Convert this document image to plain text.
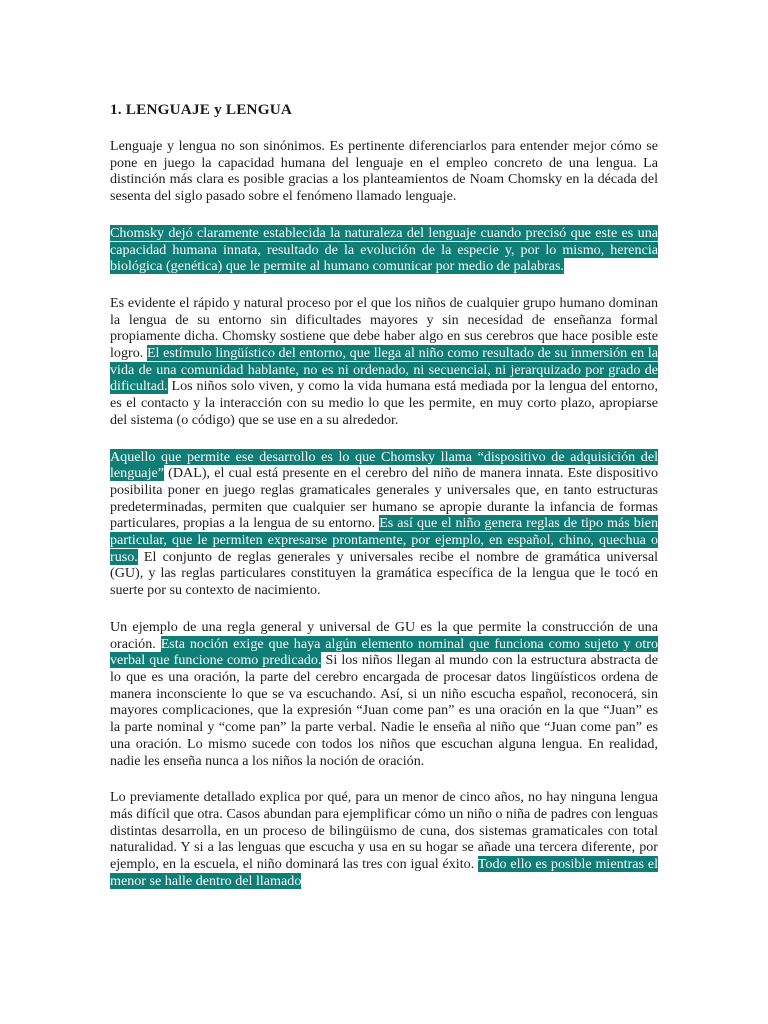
1. LENGUAJE y LENGUA

Lenguaje y lengua no son sinónimos. Es pertinente diferenciarlos para entender mejor cómo se pone en juego la capacidad humana del lenguaje en el empleo concreto de una lengua. La distinción más clara es posible gracias a los planteamientos de Noam Chomsky en la década del sesenta del siglo pasado sobre el fenómeno llamado lenguaje.

Chomsky dejó claramente establecida la naturaleza del lenguaje cuando precisó que este es una capacidad humana innata, resultado de la evolución de la especie y, por lo mismo, herencia biológica (genética) que le permite al humano comunicar por medio de palabras.

Es evidente el rápido y natural proceso por el que los niños de cualquier grupo humano dominan la lengua de su entorno sin dificultades mayores y sin necesidad de enseñanza formal propiamente dicha. Chomsky sostiene que debe haber algo en sus cerebros que hace posible este logro. El estímulo lingüístico del entorno, que llega al niño como resultado de su inmersión en la vida de una comunidad hablante, no es ni ordenado, ni secuencial, ni jerarquizado por grado de dificultad. Los niños solo viven, y como la vida humana está mediada por la lengua del entorno, es el contacto y la interacción con su medio lo que les permite, en muy corto plazo, apropiarse del sistema (o código) que se use en a su alrededor.

Aquello que permite ese desarrollo es lo que Chomsky llama “dispositivo de adquisición del lenguaje” (DAL), el cual está presente en el cerebro del niño de manera innata. Este dispositivo posibilita poner en juego reglas gramaticales generales y universales que, en tanto estructuras predeterminadas, permiten que cualquier ser humano se apropie durante la infancia de formas particulares, propias a la lengua de su entorno. Es así que el niño genera reglas de tipo más bien particular, que le permiten expresarse prontamente, por ejemplo, en español, chino, quechua o ruso. El conjunto de reglas generales y universales recibe el nombre de gramática universal (GU), y las reglas particulares constituyen la gramática específica de la lengua que le tocó en suerte por su contexto de nacimiento.

Un ejemplo de una regla general y universal de GU es la que permite la construcción de una oración. Esta noción exige que haya algún elemento nominal que funciona como sujeto y otro verbal que funcione como predicado. Si los niños llegan al mundo con la estructura abstracta de lo que es una oración, la parte del cerebro encargada de procesar datos lingüísticos ordena de manera inconsciente lo que se va escuchando. Así, si un niño escucha español, reconocerá, sin mayores complicaciones, que la expresión “Juan come pan” es una oración en la que “Juan” es la parte nominal y “come pan” la parte verbal. Nadie le enseña al niño que “Juan come pan” es una oración. Lo mismo sucede con todos los niños que escuchan alguna lengua. En realidad, nadie les enseña nunca a los niños la noción de oración.

Lo previamente detallado explica por qué, para un menor de cinco años, no hay ninguna lengua más difícil que otra. Casos abundan para ejemplificar cómo un niño o niña de padres con lenguas distintas desarrolla, en un proceso de bilingüismo de cuna, dos sistemas gramaticales con total naturalidad. Y si a las lenguas que escucha y usa en su hogar se añade una tercera diferente, por ejemplo, en la escuela, el niño dominará las tres con igual éxito. Todo ello es posible mientras el menor se halle dentro del llamado
